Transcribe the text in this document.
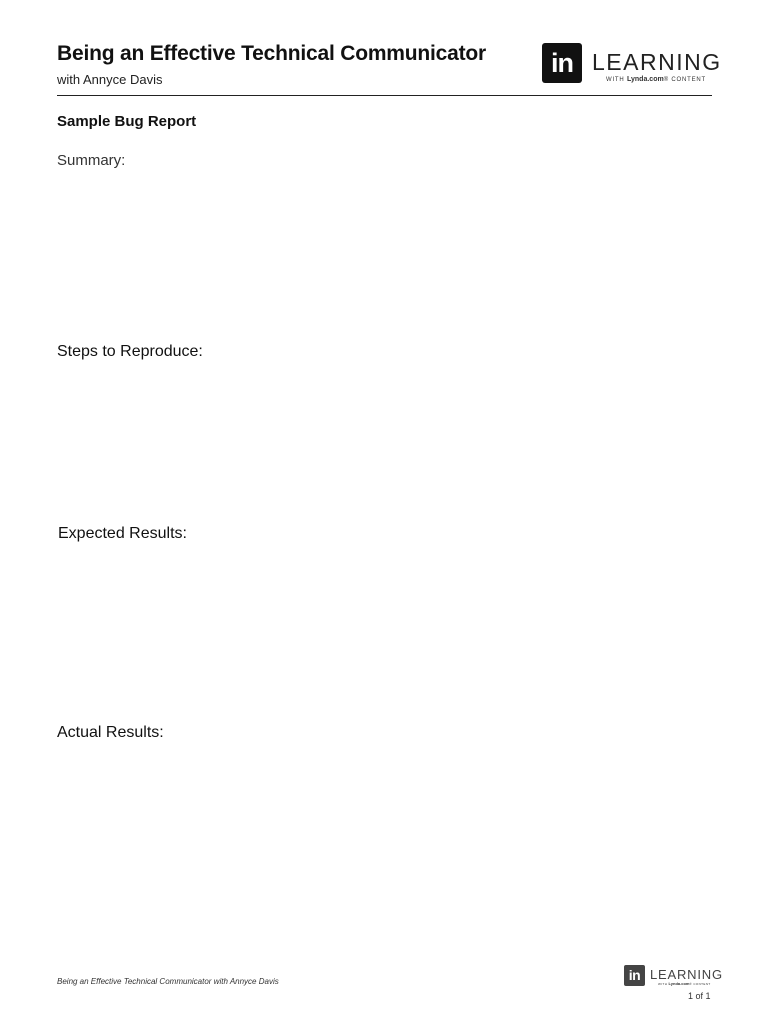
Being an Effective Technical Communicator
with Annyce Davis
in LEARNING
WITH Lynda.com® CONTENT
Sample Bug Report
Summary:
Steps to Reproduce:
Expected Results:
Actual Results:
Being an Effective Technical Communicator with Annyce Davis	in LEARNING
WITH Lynda.com® CONTENT
1 of 1
